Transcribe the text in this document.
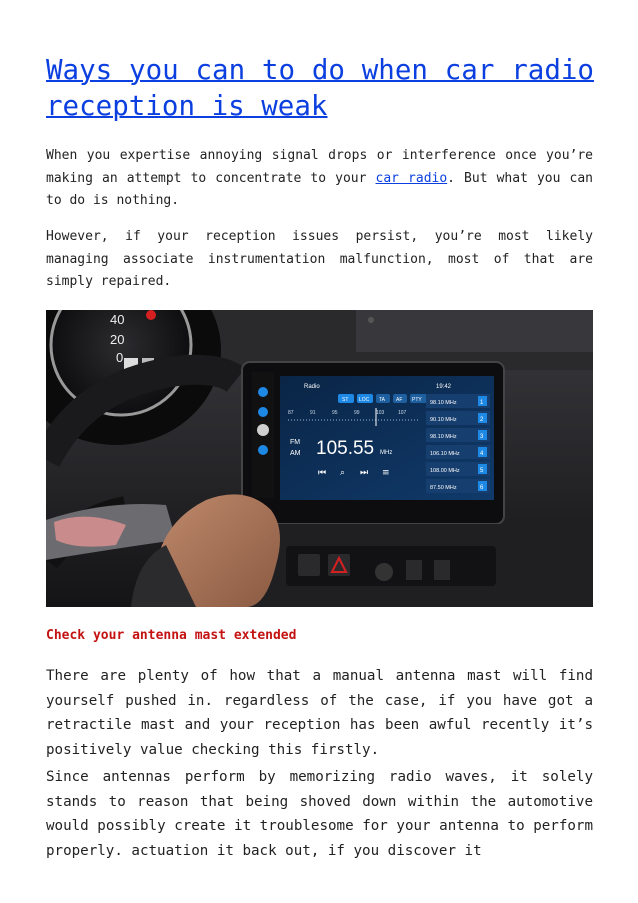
Ways you can to do when car radio reception is weak

When you expertise annoying signal drops or interference once you’re making an attempt to concentrate to your car radio. But what you can to do is nothing.

However, if your reception issues persist, you’re most likely managing associate instrumentation malfunction, most of that are simply repaired.

40
20
0
Radio	19:42
ST LOC TA AF PTY
87	91	95	99	103	107
FM
AM 105.55 MHz
⏮ ⌕ ⏭ ≡
98.10 MHz	1
90.10 MHz	2
98.10 MHz	3
106.10 MHz	4
108.00 MHz	5
87.50 MHz	6
Check your antenna mast extended

There are plenty of how that a manual antenna mast will find yourself pushed in. regardless of the case, if you have got a retractile mast and your reception has been awful recently it’s positively value checking this firstly.

Since antennas perform by memorizing radio waves, it solely stands to reason that being shoved down within the automotive would possibly create it troublesome for your antenna to perform properly. actuation it back out, if you discover it
